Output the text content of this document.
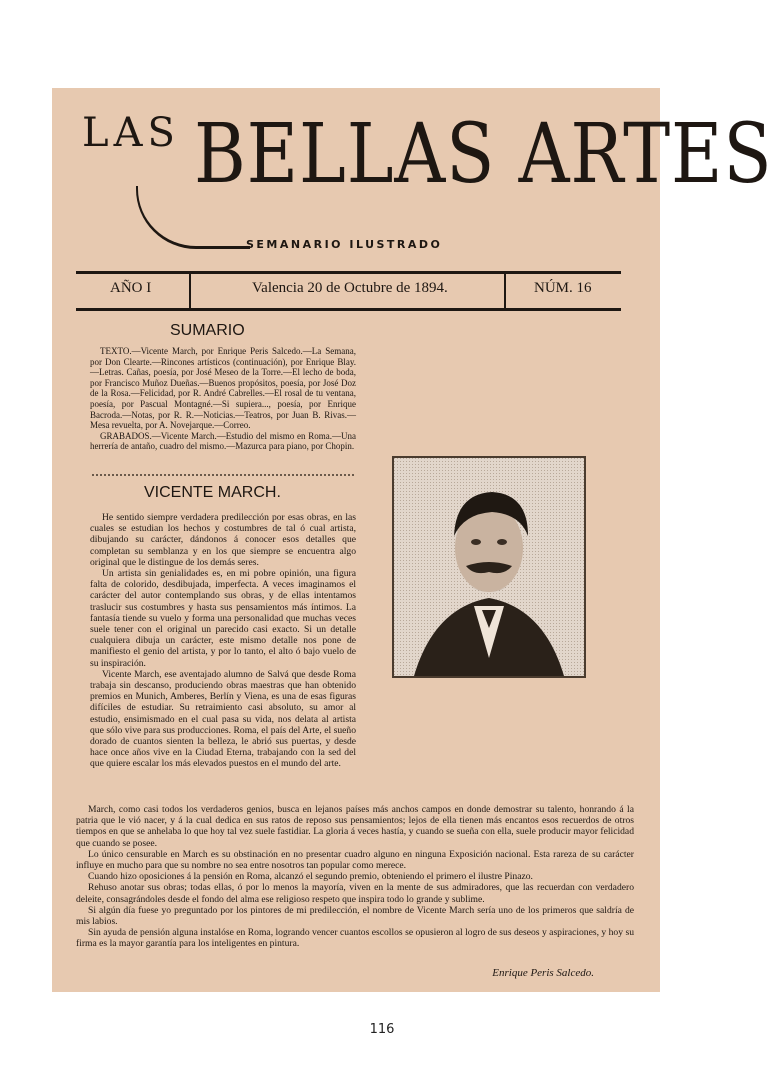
LAS BELLAS ARTES
SEMANARIO ILUSTRADO
AÑO I	Valencia 20 de Octubre de 1894.	NÚM. 16
SUMARIO

TEXTO.—Vicente March, por Enrique Peris Salcedo.—La Semana, por Don Clearte.—Rincones artísticos (continuación), por Enrique Blay.—Letras. Cañas, poesía, por José Meseo de la Torre.—El lecho de boda, por Francisco Muñoz Dueñas.—Buenos propósitos, poesía, por José Doz de la Rosa.—Felicidad, por R. André Cabrelles.—El rosal de tu ventana, poesía, por Pascual Montagné.—Si supiera..., poesía, por Enrique Bacroda.—Notas, por R. R.—Noticias.—Teatros, por Juan B. Rivas.—Mesa revuelta, por A. Novejarque.—Correo.

GRABADOS.—Vicente March.—Estudio del mismo en Roma.—Una herrería de antaño, cuadro del mismo.—Mazurca para piano, por Chopin.

VICENTE MARCH.

He sentido siempre verdadera predilección por esas obras, en las cuales se estudian los hechos y costumbres de tal ó cual artista, dibujando su carácter, dándonos á conocer esos detalles que completan su semblanza y en los que siempre se encuentra algo original que le distingue de los demás seres.

Un artista sin genialidades es, en mi pobre opinión, una figura falta de colorido, desdibujada, imperfecta. A veces imaginamos el carácter del autor contemplando sus obras, y de ellas intentamos traslucir sus costumbres y hasta sus pensamientos más íntimos. La fantasía tiende su vuelo y forma una personalidad que muchas veces suele tener con el original un parecido casi exacto. Si un detalle cualquiera dibuja un carácter, este mismo detalle nos pone de manifiesto el genio del artista, y por lo tanto, el alto ó bajo vuelo de su inspiración.

Vicente March, ese aventajado alumno de Salvá que desde Roma trabaja sin descanso, produciendo obras maestras que han obtenido premios en Munich, Amberes, Berlín y Viena, es una de esas figuras difíciles de estudiar. Su retraimiento casi absoluto, su amor al estudio, ensimismado en el cual pasa su vida, nos delata al artista que sólo vive para sus producciones. Roma, el país del Arte, el sueño dorado de cuantos sienten la belleza, le abrió sus puertas, y desde hace once años vive en la Ciudad Eterna, trabajando con la sed del que quiere escalar los más elevados puestos en el mundo del arte.

March, como casi todos los verdaderos genios, busca en lejanos países más anchos campos en donde demostrar su talento, honrando á la patria que le vió nacer, y á la cual dedica en sus ratos de reposo sus pensamientos; lejos de ella tienen más encantos esos recuerdos de otros tiempos en que se anhelaba lo que hoy tal vez suele fastidiar. La gloria á veces hastía, y cuando se sueña con ella, suele producir mayor felicidad que cuando se posee.

Lo único censurable en March es su obstinación en no presentar cuadro alguno en ninguna Exposición nacional. Esta rareza de su carácter influye en mucho para que su nombre no sea entre nosotros tan popular como merece.

Cuando hizo oposiciones á la pensión en Roma, alcanzó el segundo premio, obteniendo el primero el ilustre Pinazo.

Rehuso anotar sus obras; todas ellas, ó por lo menos la mayoría, viven en la mente de sus admiradores, que las recuerdan con verdadero deleite, consagrándoles desde el fondo del alma ese religioso respeto que inspira todo lo grande y sublime.

Si algún día fuese yo preguntado por los pintores de mi predilección, el nombre de Vicente March sería uno de los primeros que saldría de mis labios.

Sin ayuda de pensión alguna instalóse en Roma, logrando vencer cuantos escollos se opusieron al logro de sus deseos y aspiraciones, y hoy su firma es la mayor garantía para los inteligentes en pintura.

Enrique Peris Salcedo.
116
